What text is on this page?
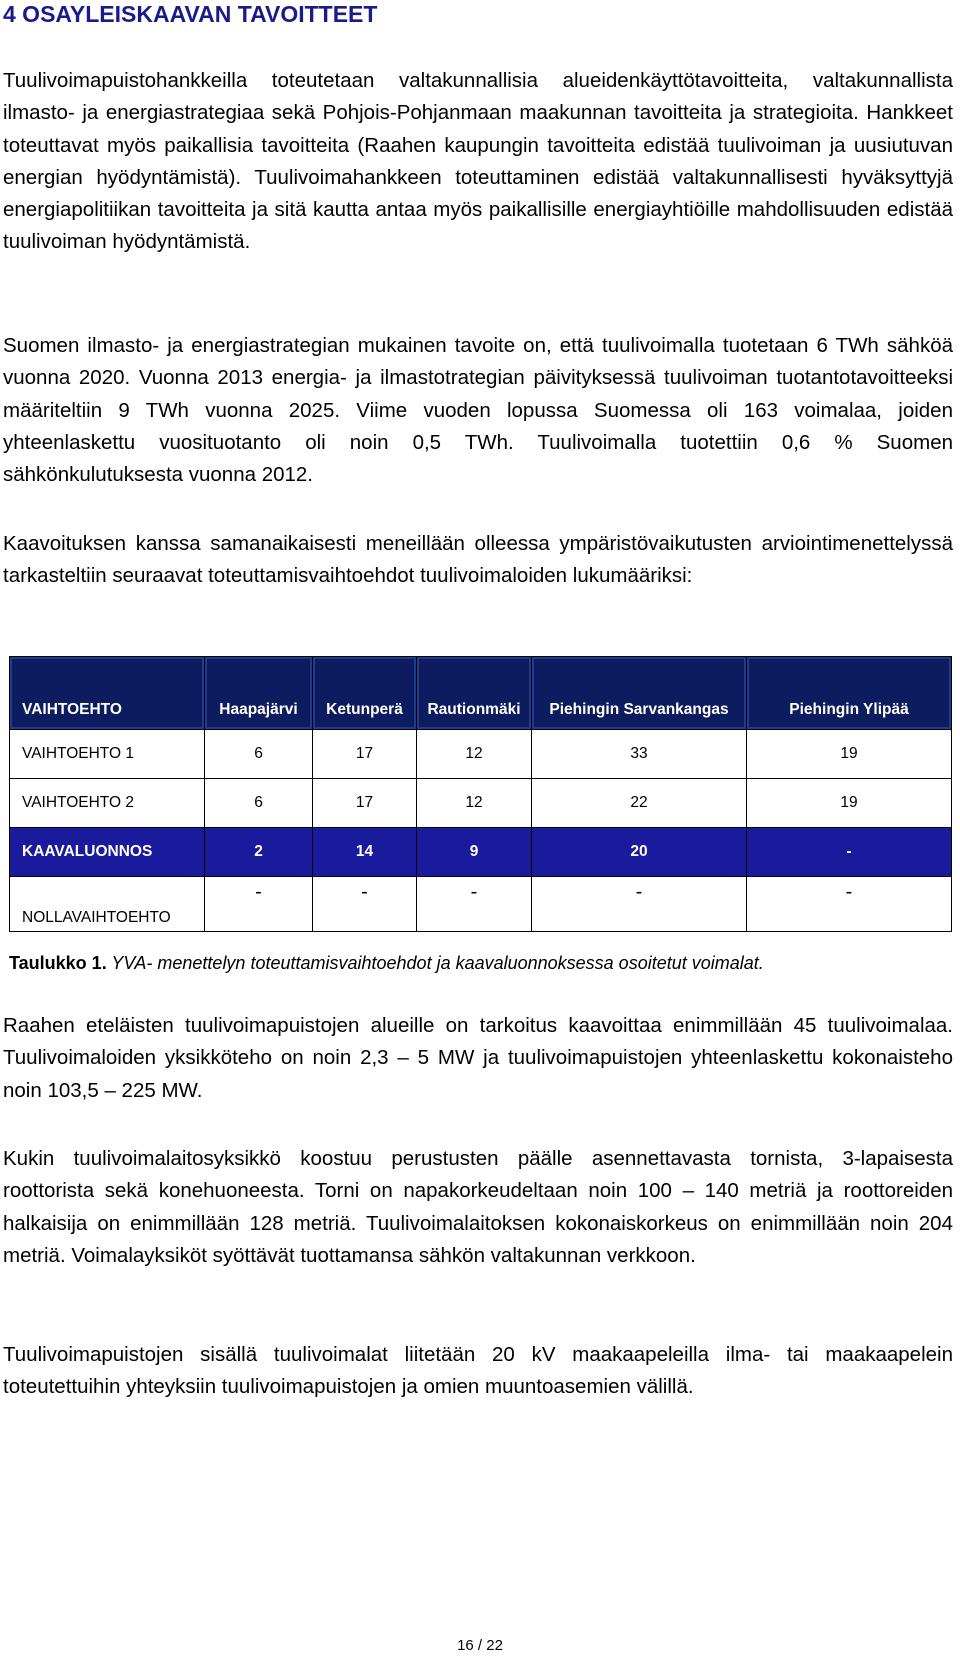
4 OSAYLEISKAAVAN TAVOITTEET

Tuulivoimapuistohankkeilla toteutetaan valtakunnallisia alueidenkäyttötavoitteita, valtakunnallista ilmasto- ja energiastrategiaa sekä Pohjois-Pohjanmaan maakunnan tavoitteita ja strategioita. Hankkeet toteuttavat myös paikallisia tavoitteita (Raahen kaupungin tavoitteita edistää tuulivoiman ja uusiutuvan energian hyödyntämistä). Tuulivoimahankkeen toteuttaminen edistää valtakunnallisesti hyväksyttyjä energiapolitiikan tavoitteita ja sitä kautta antaa myös paikallisille energiayhtiöille mahdollisuuden edistää tuulivoiman hyödyntämistä.

Suomen ilmasto- ja energiastrategian mukainen tavoite on, että tuulivoimalla tuotetaan 6 TWh sähköä vuonna 2020. Vuonna 2013 energia- ja ilmastotrategian päivityksessä tuulivoiman tuotantotavoitteeksi määriteltiin 9 TWh vuonna 2025. Viime vuoden lopussa Suomessa oli 163 voimalaa, joiden yhteenlaskettu vuosituotanto oli noin 0,5 TWh. Tuulivoimalla tuotettiin 0,6 % Suomen sähkönkulutuksesta vuonna 2012.

Kaavoituksen kanssa samanaikaisesti meneillään olleessa ympäristövaikutusten arviointimenettelyssä tarkasteltiin seuraavat toteuttamisvaihtoehdot tuulivoimaloiden lukumääriksi:

VAIHTOEHTO	Haapajärvi	Ketunperä	Rautionmäki	Piehingin Sarvankangas	Piehingin Ylipää
VAIHTOEHTO 1	6	17	12	33	19
VAIHTOEHTO 2	6	17	12	22	19
KAAVALUONNOS	2	14	9	20	-
NOLLAVAIHTOEHTO	-	-	-	-	-

Taulukko 1. YVA- menettelyn toteuttamisvaihtoehdot ja kaavaluonnoksessa osoitetut voimalat.

Raahen eteläisten tuulivoimapuistojen alueille on tarkoitus kaavoittaa enimmillään 45 tuulivoimalaa. Tuulivoimaloiden yksikköteho on noin 2,3 – 5 MW ja tuulivoimapuistojen yhteenlaskettu kokonaisteho noin 103,5 – 225 MW.

Kukin tuulivoimalaitosyksikkö koostuu perustusten päälle asennettavasta tornista, 3-lapaisesta roottorista sekä konehuoneesta. Torni on napakorkeudeltaan noin 100 – 140 metriä ja roottoreiden halkaisija on enimmillään 128 metriä. Tuulivoimalaitoksen kokonaiskorkeus on enimmillään noin 204 metriä. Voimalayksiköt syöttävät tuottamansa sähkön valtakunnan verkkoon.

Tuulivoimapuistojen sisällä tuulivoimalat liitetään 20 kV maakaapeleilla ilma- tai maakaapelein toteutettuihin yhteyksiin tuulivoimapuistojen ja omien muuntoasemien välillä.

16 / 22
